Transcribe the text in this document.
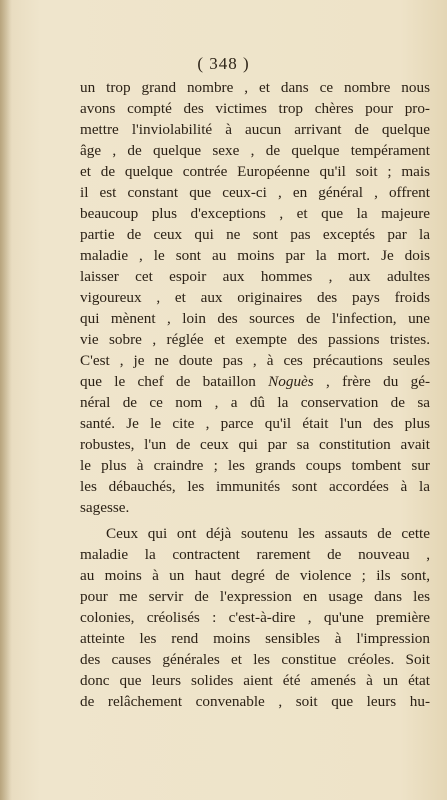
( 348 )
un trop grand nombre , et dans ce nombre nous
avons compté des victimes trop chères pour pro-
mettre l'inviolabilité à aucun arrivant de quelque
âge , de quelque sexe , de quelque tempérament
et de quelque contrée Européenne qu'il soit ; mais
il est constant que ceux-ci , en général , offrent
beaucoup plus d'exceptions , et que la majeure
partie de ceux qui ne sont pas exceptés par la
maladie , le sont au moins par la mort. Je dois
laisser cet espoir aux hommes , aux adultes
vigoureux , et aux originaires des pays froids
qui mènent , loin des sources de l'infection, une
vie sobre , réglée et exempte des passions tristes.
C'est , je ne doute pas , à ces précautions seules
que le chef de bataillon Noguès , frère du gé-
néral de ce nom , a dû la conservation de sa
santé. Je le cite , parce qu'il était l'un des plus
robustes, l'un de ceux qui par sa constitution avait
le plus à craindre ; les grands coups tombent sur
les débauchés, les immunités sont accordées à la
sagesse.
Ceux qui ont déjà soutenu les assauts de cette
maladie la contractent rarement de nouveau ,
au moins à un haut degré de violence ; ils sont,
pour me servir de l'expression en usage dans les
colonies, créolisés : c'est-à-dire , qu'une première
atteinte les rend moins sensibles à l'impression
des causes générales et les constitue créoles. Soit
donc que leurs solides aient été amenés à un état
de relâchement convenable , soit que leurs hu-
